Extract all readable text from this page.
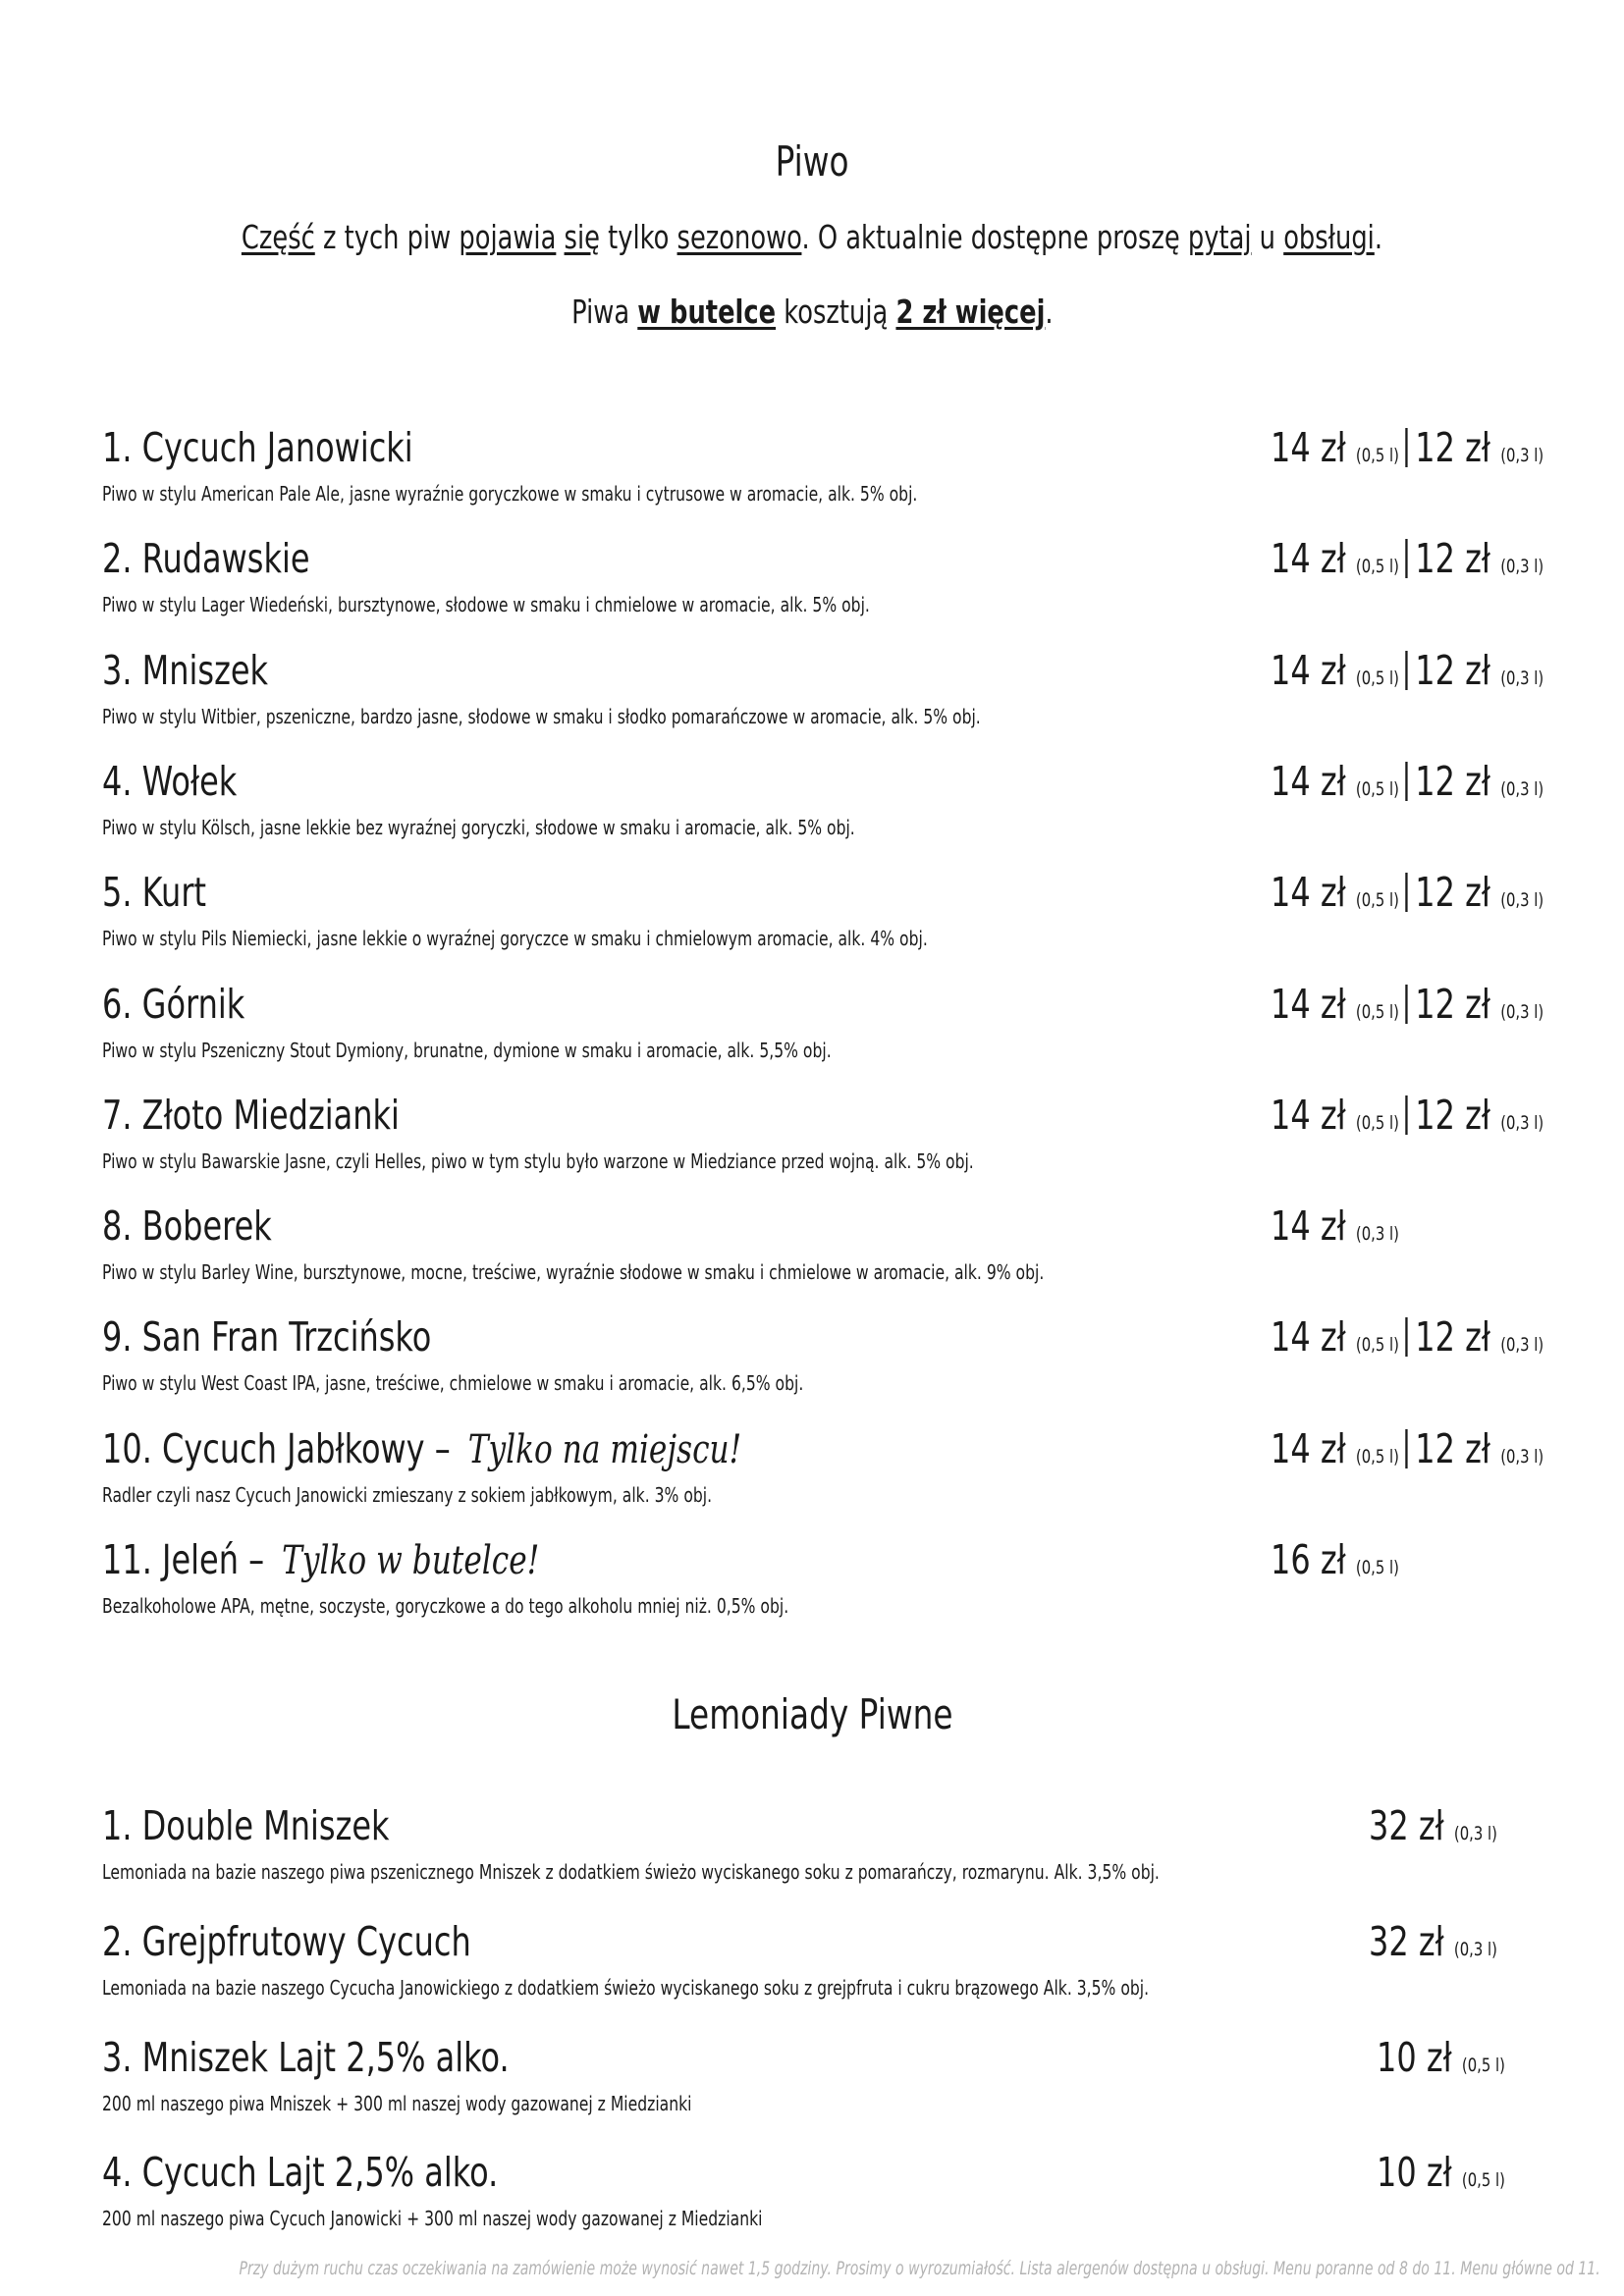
Piwo
Część z tych piw pojawia się tylko sezonowo. O aktualnie dostępne proszę pytaj u obsługi.
Piwa w butelce kosztują 2 zł więcej.
1. Cycuch Janowicki
Piwo w stylu American Pale Ale, jasne wyraźnie goryczkowe w smaku i cytrusowe w aromacie, alk. 5% obj.
14 zł (0,5 l) 12 zł (0,3 l)
2. Rudawskie
Piwo w stylu Lager Wiedeński, bursztynowe, słodowe w smaku i chmielowe w aromacie, alk. 5% obj.
14 zł (0,5 l) 12 zł (0,3 l)
3. Mniszek
Piwo w stylu Witbier, pszeniczne, bardzo jasne, słodowe w smaku i słodko pomarańczowe w aromacie, alk. 5% obj.
14 zł (0,5 l) 12 zł (0,3 l)
4. Wołek
Piwo w stylu Kölsch, jasne lekkie bez wyraźnej goryczki, słodowe w smaku i aromacie, alk. 5% obj.
14 zł (0,5 l) 12 zł (0,3 l)
5. Kurt
Piwo w stylu Pils Niemiecki, jasne lekkie o wyraźnej goryczce w smaku i chmielowym aromacie, alk. 4% obj.
14 zł (0,5 l) 12 zł (0,3 l)
6. Górnik
Piwo w stylu Pszeniczny Stout Dymiony, brunatne, dymione w smaku i aromacie, alk. 5,5% obj.
14 zł (0,5 l) 12 zł (0,3 l)
7. Złoto Miedzianki
Piwo w stylu Bawarskie Jasne, czyli Helles, piwo w tym stylu było warzone w Miedziance przed wojną. alk. 5% obj.
14 zł (0,5 l) 12 zł (0,3 l)
8. Boberek
Piwo w stylu Barley Wine, bursztynowe, mocne, treściwe, wyraźnie słodowe w smaku i chmielowe w aromacie, alk. 9% obj.
14 zł (0,3 l)
9. San Fran Trzcińsko
Piwo w stylu West Coast IPA, jasne, treściwe, chmielowe w smaku i aromacie, alk. 6,5% obj.
14 zł (0,5 l) 12 zł (0,3 l)
10. Cycuch Jabłkowy – Tylko na miejscu!
Radler czyli nasz Cycuch Janowicki zmieszany z sokiem jabłkowym, alk. 3% obj.
14 zł (0,5 l) 12 zł (0,3 l)
11. Jeleń – Tylko w butelce!
Bezalkoholowe APA, mętne, soczyste, goryczkowe a do tego alkoholu mniej niż. 0,5% obj.
16 zł (0,5 l)
Lemoniady Piwne
1. Double Mniszek
Lemoniada na bazie naszego piwa pszenicznego Mniszek z dodatkiem świeżo wyciskanego soku z pomarańczy, rozmarynu. Alk. 3,5% obj.
32 zł (0,3 l)
2. Grejpfrutowy Cycuch
Lemoniada na bazie naszego Cycucha Janowickiego z dodatkiem świeżo wyciskanego soku z grejpfruta i cukru brązowego Alk. 3,5% obj.
32 zł (0,3 l)
3. Mniszek Lajt 2,5% alko.
200 ml naszego piwa Mniszek + 300 ml naszej wody gazowanej z Miedzianki
10 zł (0,5 l)
4. Cycuch Lajt 2,5% alko.
200 ml naszego piwa Cycuch Janowicki + 300 ml naszej wody gazowanej z Miedzianki
10 zł (0,5 l)
Przy dużym ruchu czas oczekiwania na zamówienie może wynosić nawet 1,5 godziny. Prosimy o wyrozumiałość. Lista alergenów dostępna u obsługi. Menu poranne od 8 do 11. Menu główne od 11.
